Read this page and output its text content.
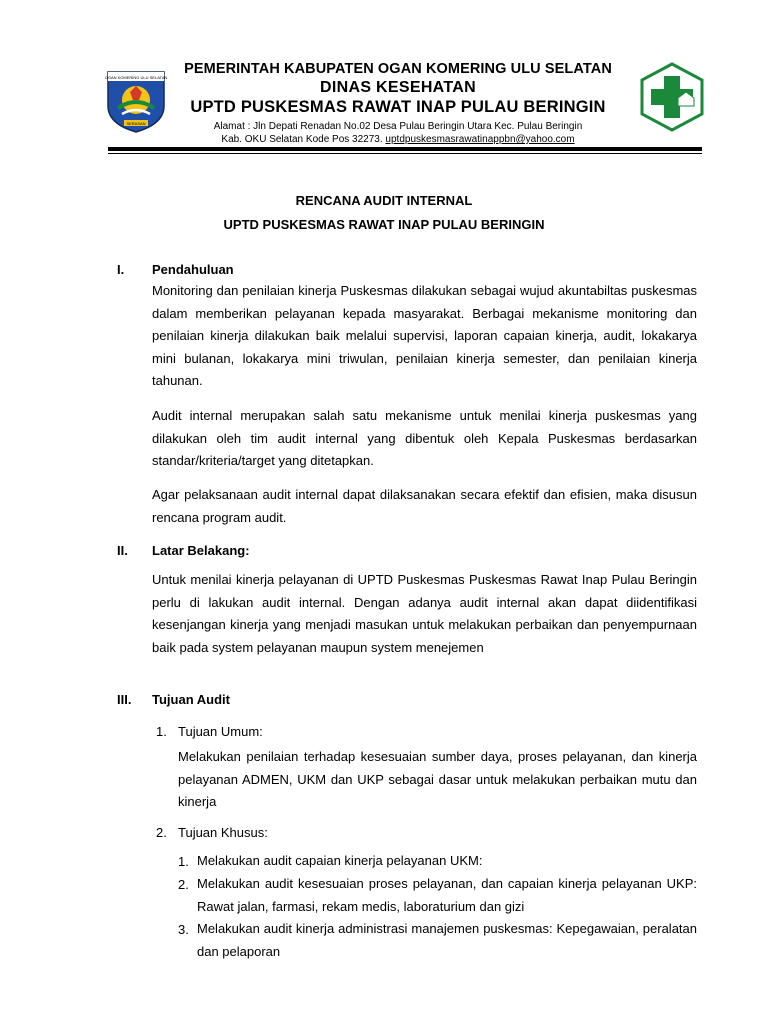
OGAN KOMERING ULU SELATAN
SERASAN
PEMERINTAH KABUPATEN OGAN KOMERING ULU SELATAN
DINAS KESEHATAN
UPTD PUSKESMAS RAWAT INAP PULAU BERINGIN
Alamat : Jln Depati Renadan No.02 Desa Pulau Beringin Utara Kec. Pulau Beringin
Kab. OKU Selatan Kode Pos 32273. uptdpuskesmasrawatinappbn@yahoo.com
RENCANA AUDIT INTERNAL
UPTD PUSKESMAS RAWAT INAP PULAU BERINGIN
I. Pendahuluan

Monitoring dan penilaian kinerja Puskesmas dilakukan sebagai wujud akuntabiltas puskesmas dalam memberikan pelayanan kepada masyarakat. Berbagai mekanisme monitoring dan penilaian kinerja dilakukan baik melalui supervisi, laporan capaian kinerja, audit, lokakarya mini bulanan, lokakarya mini triwulan, penilaian kinerja semester, dan penilaian kinerja tahunan.

Audit internal merupakan salah satu mekanisme untuk menilai kinerja puskesmas yang dilakukan oleh tim audit internal yang dibentuk oleh Kepala Puskesmas berdasarkan standar/kriteria/target yang ditetapkan.

Agar pelaksanaan audit internal dapat dilaksanakan secara efektif dan efisien, maka disusun rencana program audit.

II. Latar Belakang:

Untuk menilai kinerja pelayanan di UPTD Puskesmas Puskesmas Rawat Inap Pulau Beringin perlu di lakukan audit internal. Dengan adanya audit internal akan dapat diidentifikasi kesenjangan kinerja yang menjadi masukan untuk melakukan perbaikan dan penyempurnaan baik pada system pelayanan maupun system menejemen

III. Tujuan Audit
1. Tujuan Umum:

Melakukan penilaian terhadap kesesuaian sumber daya, proses pelayanan, dan kinerja pelayanan ADMEN, UKM dan UKP sebagai dasar untuk melakukan perbaikan mutu dan kinerja

2. Tujuan Khusus:
1. Melakukan audit capaian kinerja pelayanan UKM:

2. Melakukan audit kesesuaian proses pelayanan, dan capaian kinerja pelayanan UKP: Rawat jalan, farmasi, rekam medis, laboraturium dan gizi

3. Melakukan audit kinerja administrasi manajemen puskesmas: Kepegawaian, peralatan dan pelaporan
